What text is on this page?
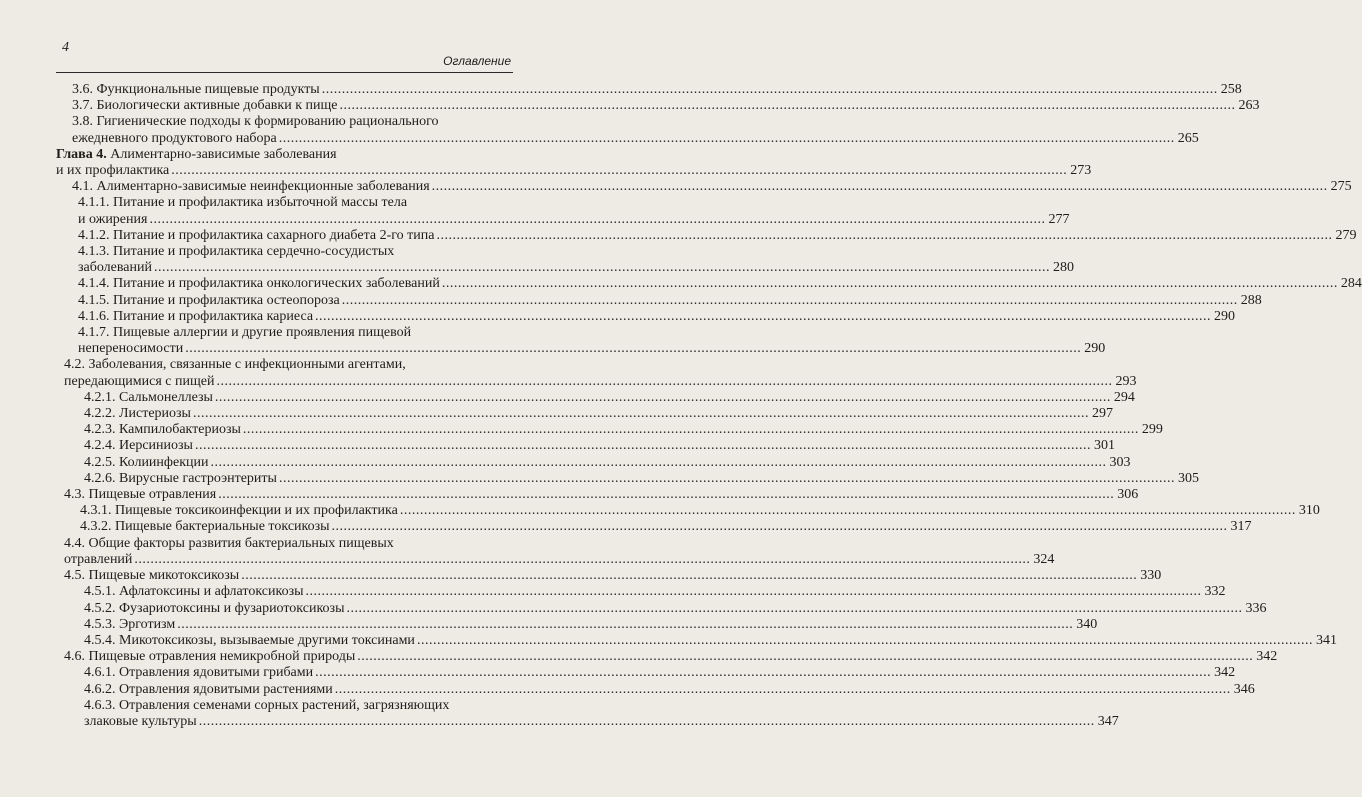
4
Оглавление
3.6. Функциональные пищевые продукты .....	258
3.7. Биологически активные добавки к пище .....	263
3.8. Гигиенические подходы к формированию рационального
ежедневного продуктового набора .....	265
Глава 4. Алиментарно-зависимые заболевания
и их профилактика .....	273
4.1. Алиментарно-зависимые неинфекционные заболевания .....	275
4.1.1. Питание и профилактика избыточной массы тела
и ожирения .....	277
4.1.2. Питание и профилактика сахарного диабета 2-го типа .....	279
4.1.3. Питание и профилактика сердечно-сосудистых
заболеваний .....	280
4.1.4. Питание и профилактика онкологических заболеваний .....	284
4.1.5. Питание и профилактика остеопороза .....	288
4.1.6. Питание и профилактика кариеса .....	290
4.1.7. Пищевые аллергии и другие проявления пищевой
непереносимости .....	290
4.2. Заболевания, связанные с инфекционными агентами,
передающимися с пищей .....	293
4.2.1. Сальмонеллезы .....	294
4.2.2. Листериозы .....	297
4.2.3. Кампилобактериозы .....	299
4.2.4. Иерсиниозы .....	301
4.2.5. Колиинфекции .....	303
4.2.6. Вирусные гастроэнтериты .....	305
4.3. Пищевые отравления .....	306
4.3.1. Пищевые токсикоинфекции и их профилактика .....	310
4.3.2. Пищевые бактериальные токсикозы .....	317
4.4. Общие факторы развития бактериальных пищевых
отравлений .....	324
4.5. Пищевые микотоксикозы .....	330
4.5.1. Афлатоксины и афлатоксикозы .....	332
4.5.2. Фузариотоксины и фузариотоксикозы .....	336
4.5.3. Эрготизм .....	340
4.5.4. Микотоксикозы, вызываемые другими токсинами .....	341
4.6. Пищевые отравления немикробной природы .....	342
4.6.1. Отравления ядовитыми грибами .....	342
4.6.2. Отравления ядовитыми растениями .....	346
4.6.3. Отравления семенами сорных растений, загрязняющих
злаковые культуры .....	347
